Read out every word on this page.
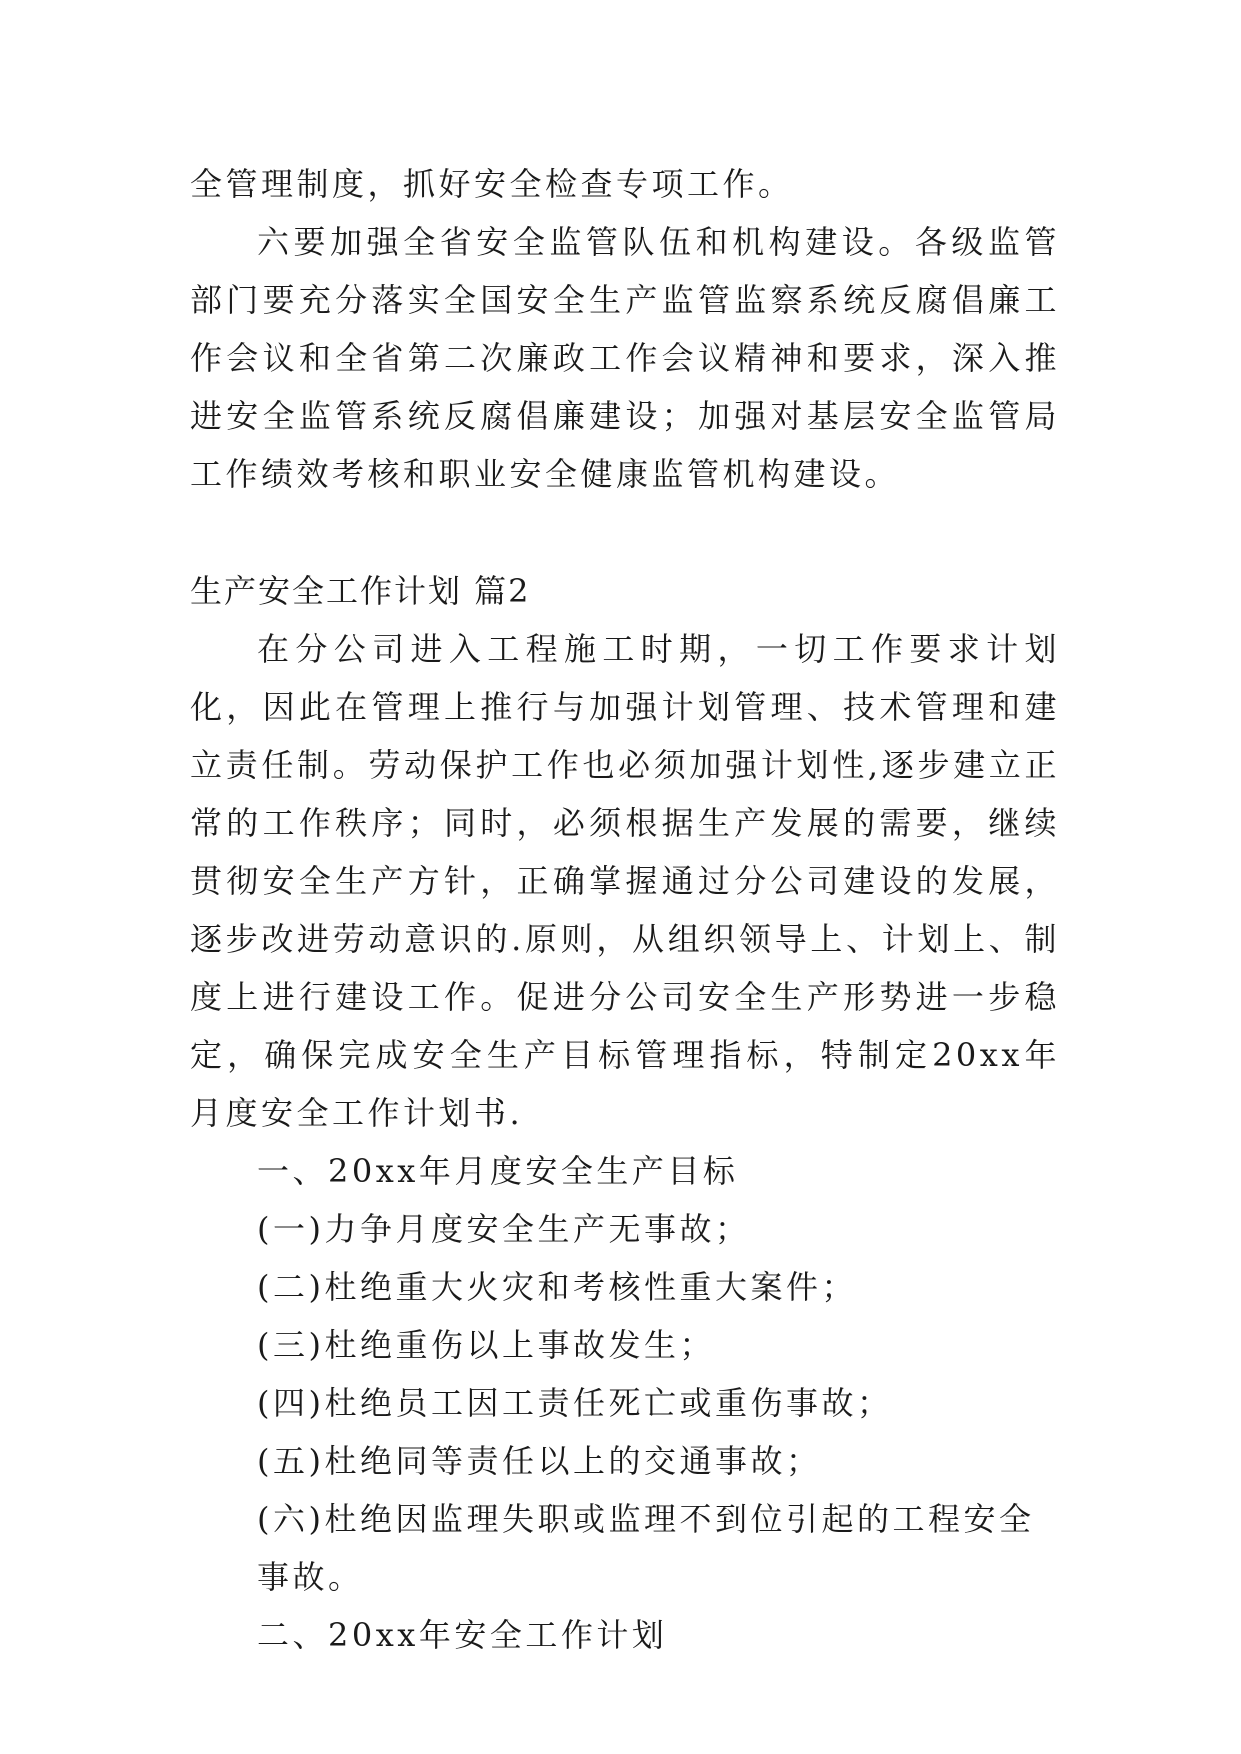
全管理制度，抓好安全检查专项工作。

六要加强全省安全监管队伍和机构建设。各级监管部门要充分落实全国安全生产监管监察系统反腐倡廉工作会议和全省第二次廉政工作会议精神和要求，深入推进安全监管系统反腐倡廉建设；加强对基层安全监管局工作绩效考核和职业安全健康监管机构建设。

生产安全工作计划 篇2

在分公司进入工程施工时期，一切工作要求计划化，因此在管理上推行与加强计划管理、技术管理和建立责任制。劳动保护工作也必须加强计划性,逐步建立正常的工作秩序；同时，必须根据生产发展的需要，继续贯彻安全生产方针，正确掌握通过分公司建设的发展，逐步改进劳动意识的.原则，从组织领导上、计划上、制度上进行建设工作。促进分公司安全生产形势进一步稳定，确保完成安全生产目标管理指标，特制定20xx年月度安全工作计划书.

一、20xx年月度安全生产目标

(一)力争月度安全生产无事故；

(二)杜绝重大火灾和考核性重大案件；

(三)杜绝重伤以上事故发生；

(四)杜绝员工因工责任死亡或重伤事故；

(五)杜绝同等责任以上的交通事故；

(六)杜绝因监理失职或监理不到位引起的工程安全事故。

二、20xx年安全工作计划
